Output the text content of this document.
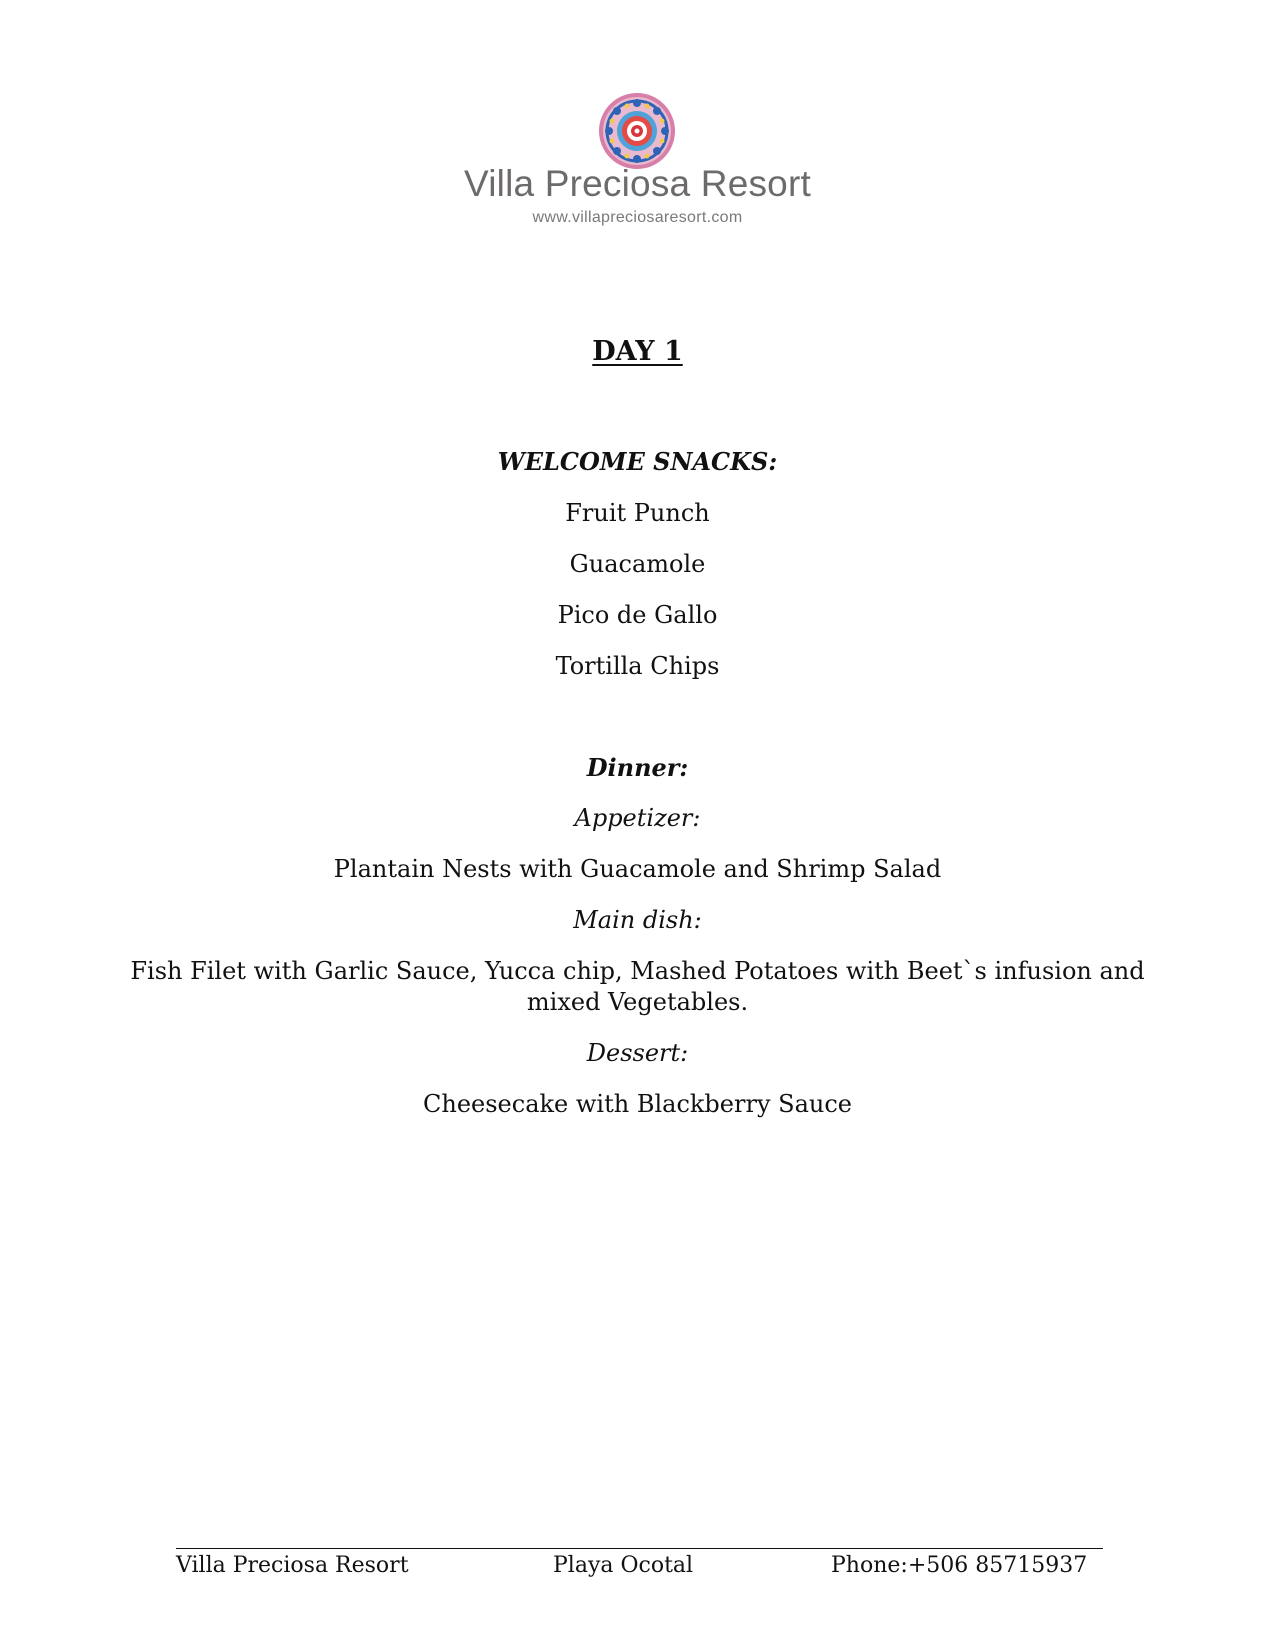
Villa Preciosa Resort
www.villapreciosaresort.com
DAY 1
WELCOME SNACKS:
Fruit Punch
Guacamole
Pico de Gallo
Tortilla Chips
Dinner:
Appetizer:
Plantain Nests with Guacamole and Shrimp Salad
Main dish:
Fish Filet with Garlic Sauce, Yucca chip, Mashed Potatoes with Beet`s infusion and
mixed Vegetables.
Dessert:
Cheesecake with Blackberry Sauce
Villa Preciosa Resort	Playa Ocotal	Phone:+506 85715937
